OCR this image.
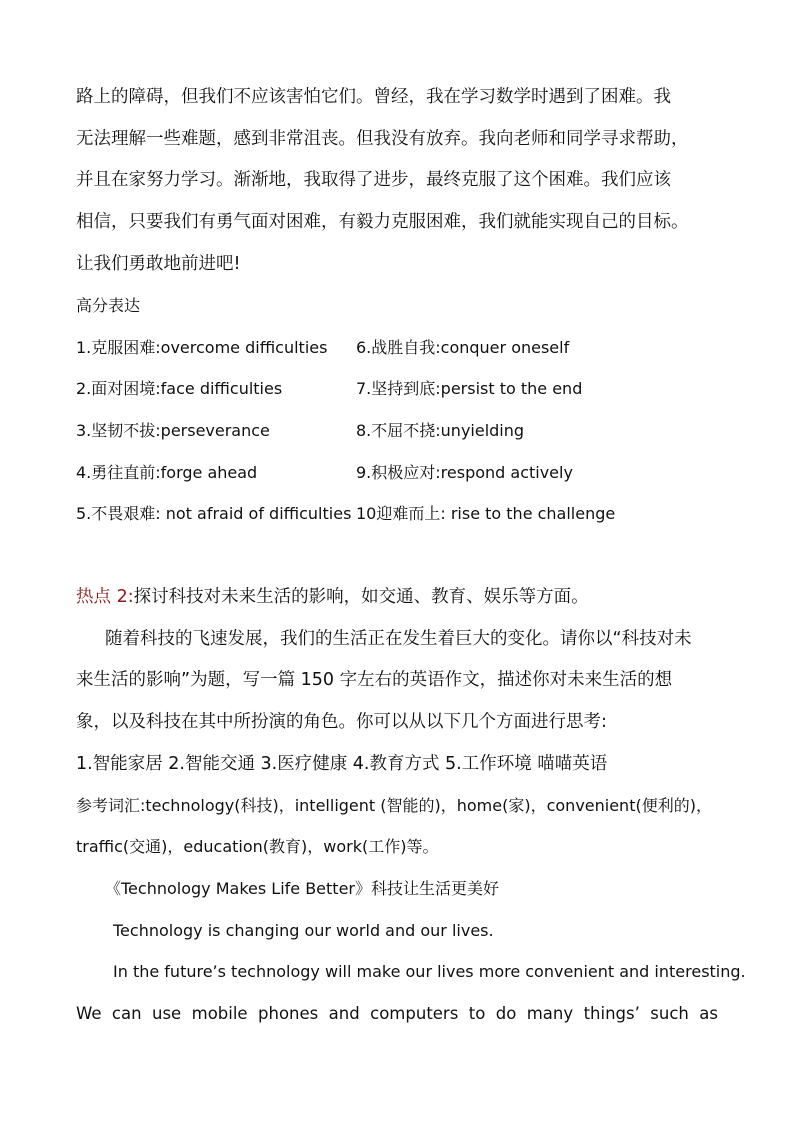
路上的障碍，但我们不应该害怕它们。曾经，我在学习数学时遇到了困难。我
无法理解一些难题，感到非常沮丧。但我没有放弃。我向老师和同学寻求帮助，
并且在家努力学习。渐渐地，我取得了进步，最终克服了这个困难。我们应该
相信，只要我们有勇气面对困难，有毅力克服困难，我们就能实现自己的目标。
让我们勇敢地前进吧!
高分表达
1.克服困难:overcome difficulties	6.战胜自我:conquer oneself
2.面对困境:face difficulties	7.坚持到底:persist to the end
3.坚韧不拔:perseverance	8.不屈不挠:unyielding
4.勇往直前:forge ahead	9.积极应对:respond actively
5.不畏艰难: not afraid of difficulties 10迎难而上: rise to the challenge
热点 2:探讨科技对未来生活的影响，如交通、教育、娱乐等方面。
随着科技的飞速发展，我们的生活正在发生着巨大的变化。请你以“科技对未
来生活的影响”为题，写一篇 150 字左右的英语作文，描述你对未来生活的想
象，以及科技在其中所扮演的角色。你可以从以下几个方面进行思考:
1.智能家居 2.智能交通 3.医疗健康 4.教育方式 5.工作环境 喵喵英语
参考词汇:technology(科技)，intelligent (智能的)，home(家)，convenient(便利的)，
traffic(交通)，education(教育)，work(工作)等。
《Technology Makes Life Better》科技让生活更美好
Technology is changing our world and our lives.
In the future’s technology will make our lives more convenient and interesting.
We can use mobile phones and computers to do many things’ such as
